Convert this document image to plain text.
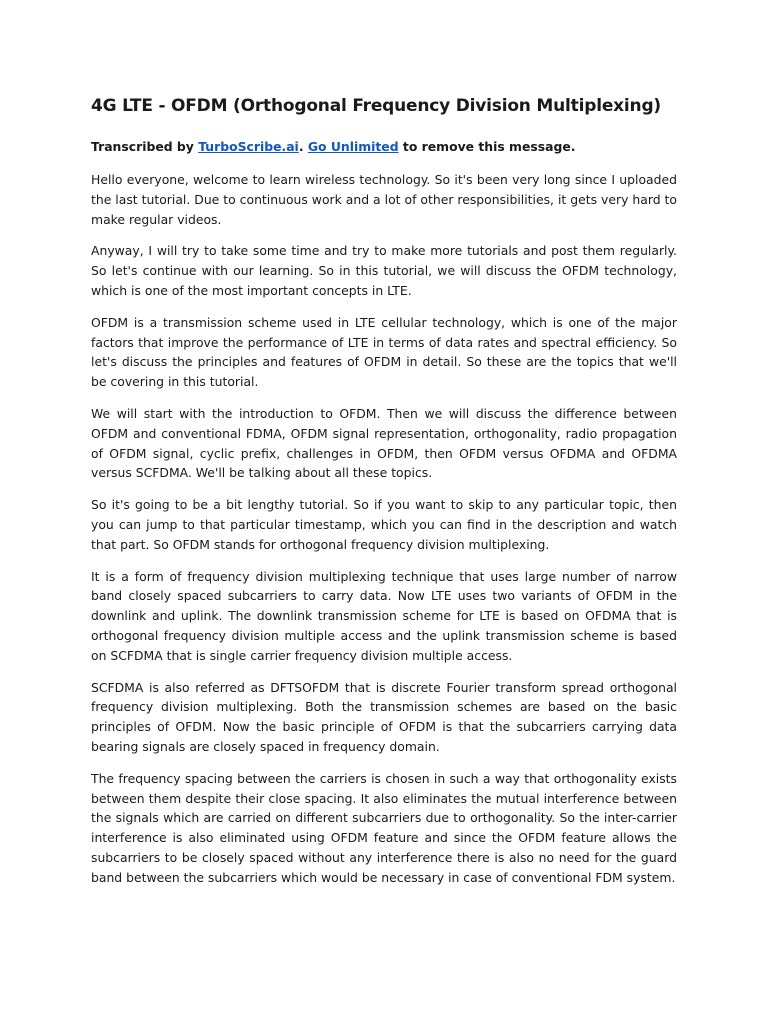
4G LTE - OFDM (Orthogonal Frequency Division Multiplexing)

Transcribed by TurboScribe.ai. Go Unlimited to remove this message.

Hello everyone, welcome to learn wireless technology. So it's been very long since I uploaded the last tutorial. Due to continuous work and a lot of other responsibilities, it gets very hard to make regular videos.

Anyway, I will try to take some time and try to make more tutorials and post them regularly. So let's continue with our learning. So in this tutorial, we will discuss the OFDM technology, which is one of the most important concepts in LTE.

OFDM is a transmission scheme used in LTE cellular technology, which is one of the major factors that improve the performance of LTE in terms of data rates and spectral efficiency. So let's discuss the principles and features of OFDM in detail. So these are the topics that we'll be covering in this tutorial.

We will start with the introduction to OFDM. Then we will discuss the difference between OFDM and conventional FDMA, OFDM signal representation, orthogonality, radio propagation of OFDM signal, cyclic prefix, challenges in OFDM, then OFDM versus OFDMA and OFDMA versus SCFDMA. We'll be talking about all these topics.

So it's going to be a bit lengthy tutorial. So if you want to skip to any particular topic, then you can jump to that particular timestamp, which you can find in the description and watch that part. So OFDM stands for orthogonal frequency division multiplexing.

It is a form of frequency division multiplexing technique that uses large number of narrow band closely spaced subcarriers to carry data. Now LTE uses two variants of OFDM in the downlink and uplink. The downlink transmission scheme for LTE is based on OFDMA that is orthogonal frequency division multiple access and the uplink transmission scheme is based on SCFDMA that is single carrier frequency division multiple access.

SCFDMA is also referred as DFTSOFDM that is discrete Fourier transform spread orthogonal frequency division multiplexing. Both the transmission schemes are based on the basic principles of OFDM. Now the basic principle of OFDM is that the subcarriers carrying data bearing signals are closely spaced in frequency domain.

The frequency spacing between the carriers is chosen in such a way that orthogonality exists between them despite their close spacing. It also eliminates the mutual interference between the signals which are carried on different subcarriers due to orthogonality. So the inter-carrier interference is also eliminated using OFDM feature and since the OFDM feature allows the subcarriers to be closely spaced without any interference there is also no need for the guard band between the subcarriers which would be necessary in case of conventional FDM system.
